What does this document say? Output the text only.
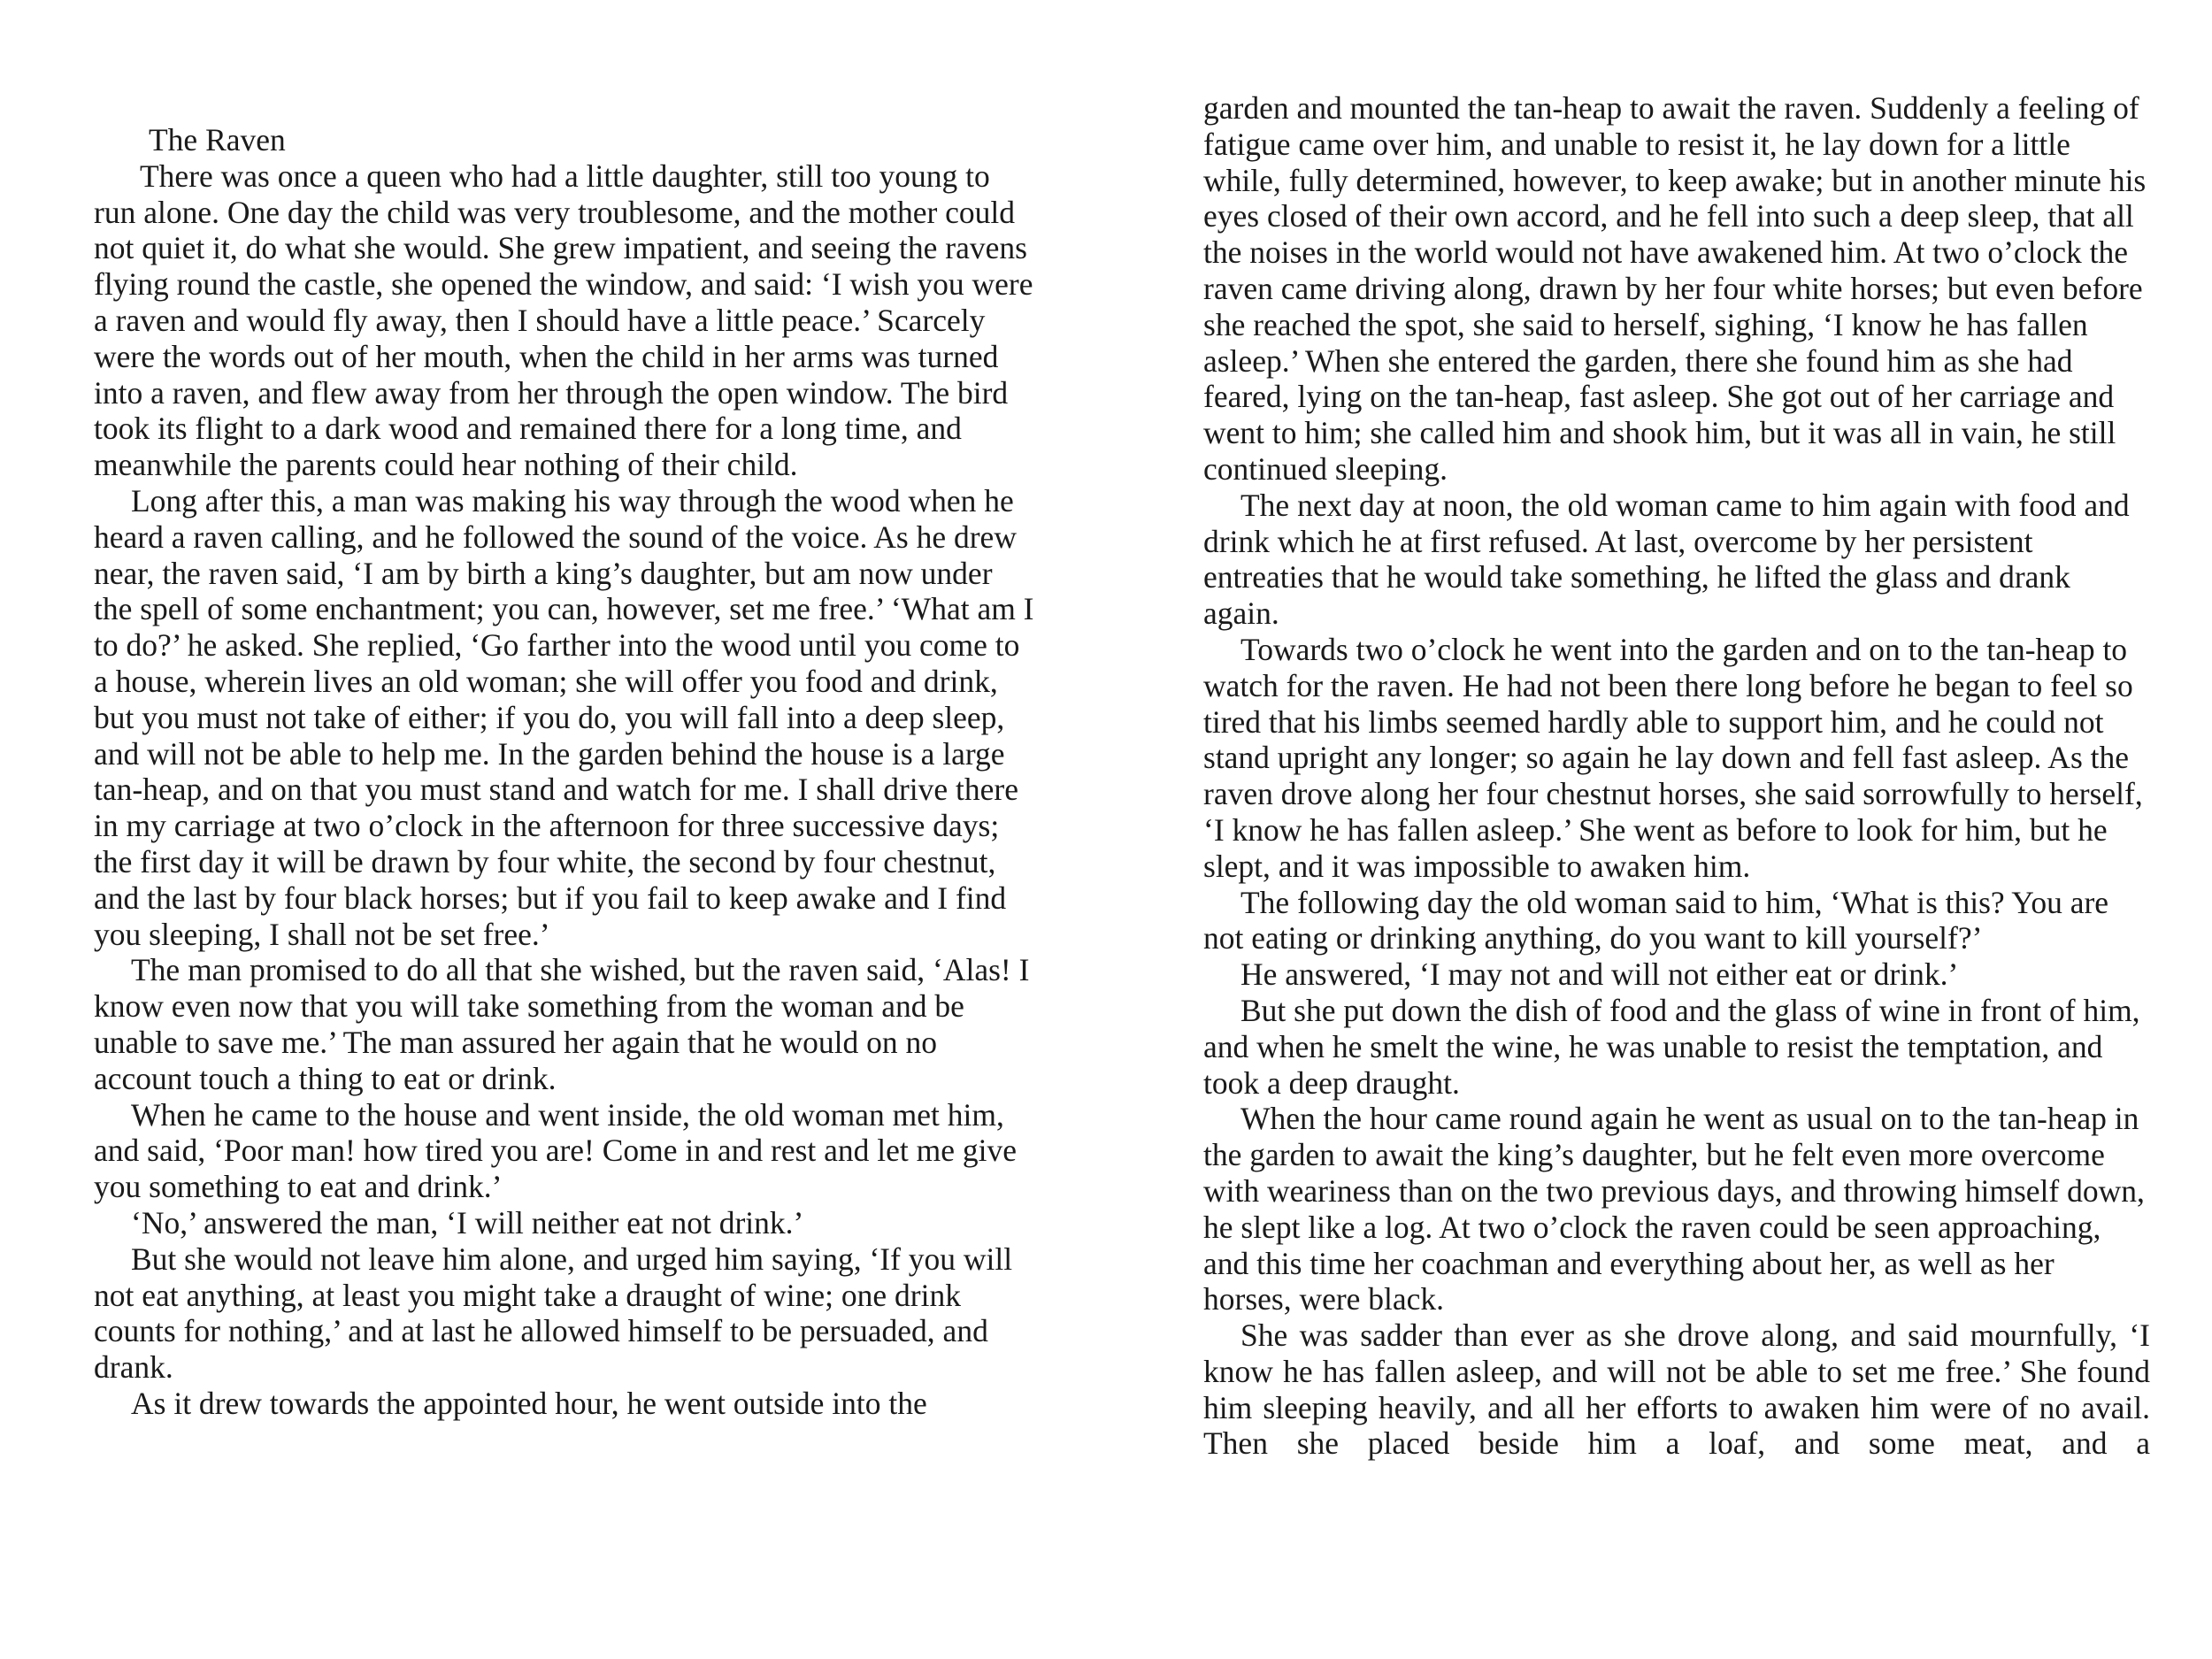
The Raven

There was once a queen who had a little daughter, still too young to run alone. One day the child was very troublesome, and the mother could not quiet it, do what she would. She grew impatient, and seeing the ravens flying round the castle, she opened the window, and said: ‘I wish you were a raven and would fly away, then I should have a little peace.’ Scarcely were the words out of her mouth, when the child in her arms was turned into a raven, and flew away from her through the open window. The bird took its flight to a dark wood and remained there for a long time, and meanwhile the parents could hear nothing of their child.

Long after this, a man was making his way through the wood when he heard a raven calling, and he followed the sound of the voice. As he drew near, the raven said, ‘I am by birth a king’s daughter, but am now under the spell of some enchantment; you can, however, set me free.’ ‘What am I to do?’ he asked. She replied, ‘Go farther into the wood until you come to a house, wherein lives an old woman; she will offer you food and drink, but you must not take of either; if you do, you will fall into a deep sleep, and will not be able to help me. In the garden behind the house is a large tan-heap, and on that you must stand and watch for me. I shall drive there in my carriage at two o’clock in the afternoon for three successive days; the first day it will be drawn by four white, the second by four chestnut, and the last by four black horses; but if you fail to keep awake and I find you sleeping, I shall not be set free.’

The man promised to do all that she wished, but the raven said, ‘Alas! I know even now that you will take something from the woman and be unable to save me.’ The man assured her again that he would on no account touch a thing to eat or drink.

When he came to the house and went inside, the old woman met him, and said, ‘Poor man! how tired you are! Come in and rest and let me give you something to eat and drink.’

‘No,’ answered the man, ‘I will neither eat not drink.’

But she would not leave him alone, and urged him saying, ‘If you will not eat anything, at least you might take a draught of wine; one drink counts for nothing,’ and at last he allowed himself to be persuaded, and drank.

As it drew towards the appointed hour, he went outside into the

garden and mounted the tan-heap to await the raven. Suddenly a feeling of fatigue came over him, and unable to resist it, he lay down for a little while, fully determined, however, to keep awake; but in another minute his eyes closed of their own accord, and he fell into such a deep sleep, that all the noises in the world would not have awakened him. At two o’clock the raven came driving along, drawn by her four white horses; but even before she reached the spot, she said to herself, sighing, ‘I know he has fallen asleep.’ When she entered the garden, there she found him as she had feared, lying on the tan-heap, fast asleep. She got out of her carriage and went to him; she called him and shook him, but it was all in vain, he still continued sleeping.

The next day at noon, the old woman came to him again with food and drink which he at first refused. At last, overcome by her persistent entreaties that he would take something, he lifted the glass and drank again.

Towards two o’clock he went into the garden and on to the tan-heap to watch for the raven. He had not been there long before he began to feel so tired that his limbs seemed hardly able to support him, and he could not stand upright any longer; so again he lay down and fell fast asleep. As the raven drove along her four chestnut horses, she said sorrowfully to herself, ‘I know he has fallen asleep.’ She went as before to look for him, but he slept, and it was impossible to awaken him.

The following day the old woman said to him, ‘What is this? You are not eating or drinking anything, do you want to kill yourself?’

He answered, ‘I may not and will not either eat or drink.’

But she put down the dish of food and the glass of wine in front of him, and when he smelt the wine, he was unable to resist the temptation, and took a deep draught.

When the hour came round again he went as usual on to the tan-heap in the garden to await the king’s daughter, but he felt even more overcome with weariness than on the two previous days, and throwing himself down, he slept like a log. At two o’clock the raven could be seen approaching, and this time her coachman and everything about her, as well as her horses, were black.

She was sadder than ever as she drove along, and said mournfully, ‘I know he has fallen asleep, and will not be able to set me free.’ She found him sleeping heavily, and all her efforts to awaken him were of no avail. Then she placed beside him a loaf, and some meat, and a
